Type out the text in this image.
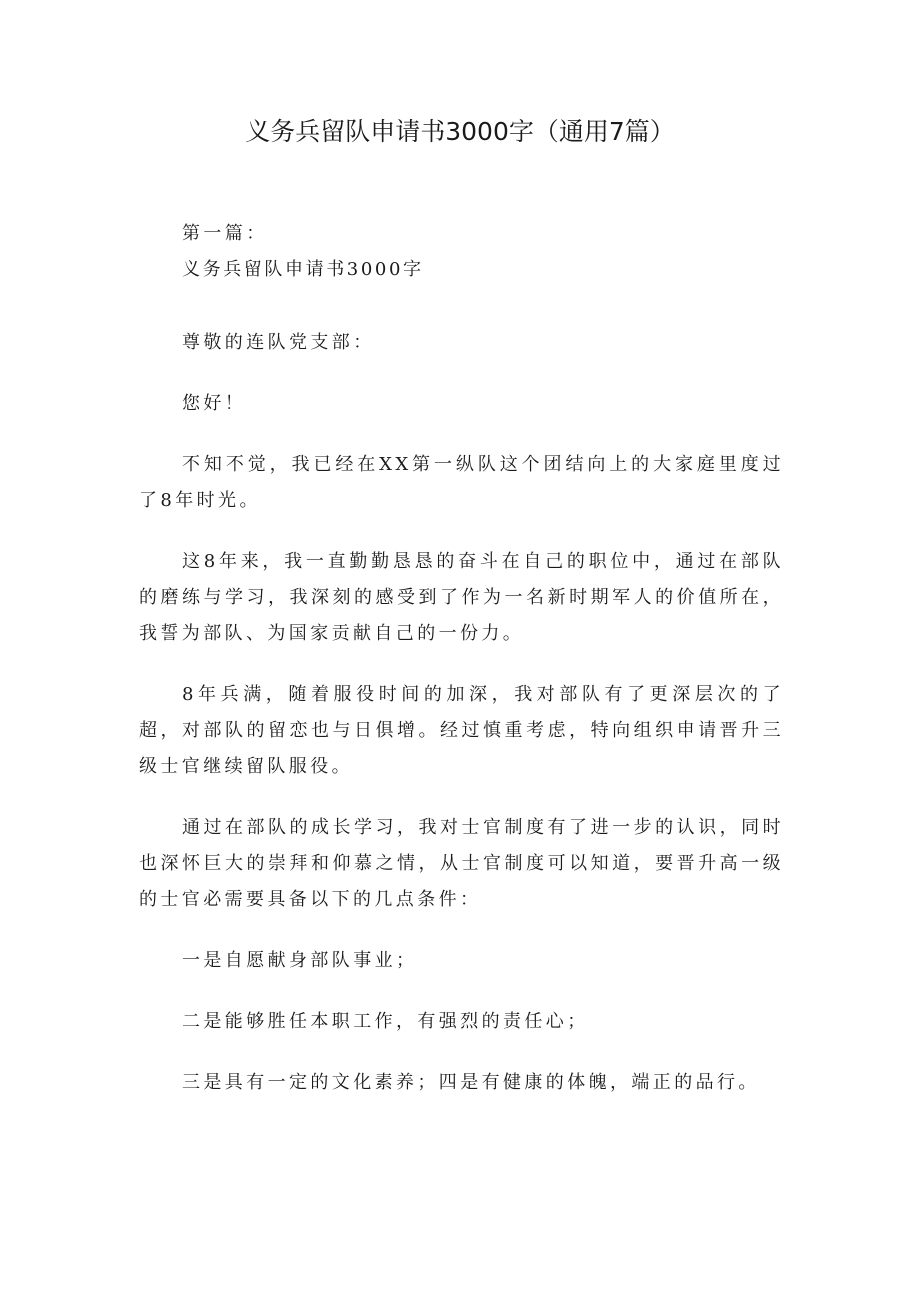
义务兵留队申请书3000字（通用7篇）

第一篇：

义务兵留队申请书3000字

尊敬的连队党支部：

您好！

不知不觉，我已经在XX第一纵队这个团结向上的大家庭里度过了8年时光。

这8年来，我一直勤勤恳恳的奋斗在自己的职位中，通过在部队的磨练与学习，我深刻的感受到了作为一名新时期军人的价值所在，我誓为部队、为国家贡献自己的一份力。

8年兵满，随着服役时间的加深，我对部队有了更深层次的了超，对部队的留恋也与日俱增。经过慎重考虑，特向组织申请晋升三级士官继续留队服役。

通过在部队的成长学习，我对士官制度有了进一步的认识，同时也深怀巨大的崇拜和仰慕之情，从士官制度可以知道，要晋升高一级的士官必需要具备以下的几点条件：

一是自愿献身部队事业；

二是能够胜任本职工作，有强烈的责任心；

三是具有一定的文化素养；四是有健康的体魄，端正的品行。
